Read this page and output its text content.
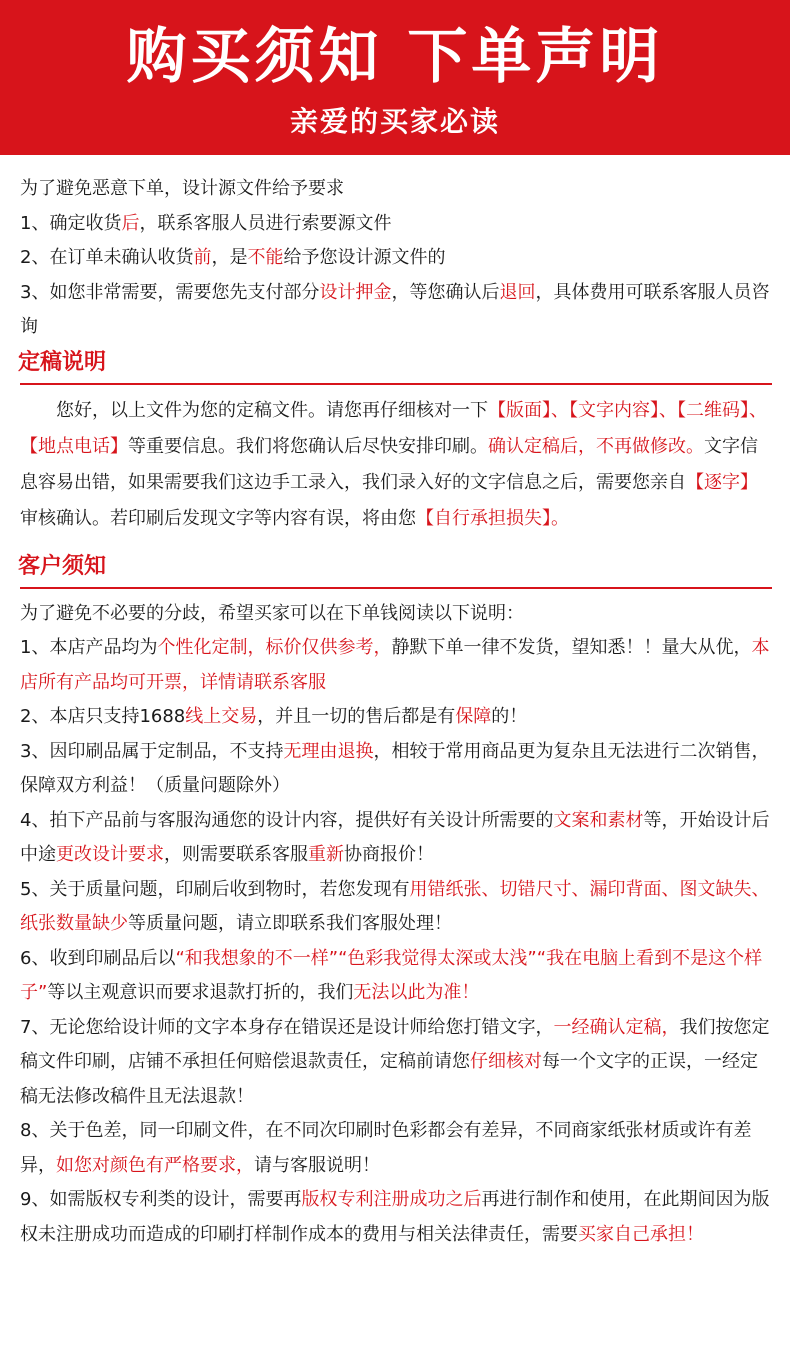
购买须知 下单声明
亲爱的买家必读

为了避免恶意下单，设计源文件给予要求

1、确定收货后，联系客服人员进行索要源文件

2、在订单未确认收货前，是不能给予您设计源文件的

3、如您非常需要，需要您先支付部分设计押金，等您确认后退回，具体费用可联系客服人员咨询

定稿说明

您好，以上文件为您的定稿文件。请您再仔细核对一下【版面】、【文字内容】、【二维码】、【地点电话】等重要信息。我们将您确认后尽快安排印刷。确认定稿后，不再做修改。文字信息容易出错，如果需要我们这边手工录入，我们录入好的文字信息之后，需要您亲自【逐字】审核确认。若印刷后发现文字等内容有误，将由您【自行承担损失】。

客户须知

为了避免不必要的分歧，希望买家可以在下单钱阅读以下说明：

1、本店产品均为个性化定制，标价仅供参考，静默下单一律不发货，望知悉！！量大从优，本店所有产品均可开票，详情请联系客服

2、本店只支持1688线上交易，并且一切的售后都是有保障的！

3、因印刷品属于定制品，不支持无理由退换，相较于常用商品更为复杂且无法进行二次销售，保障双方利益！（质量问题除外）

4、拍下产品前与客服沟通您的设计内容，提供好有关设计所需要的文案和素材等，开始设计后中途更改设计要求，则需要联系客服重新协商报价！

5、关于质量问题，印刷后收到物时，若您发现有用错纸张、切错尺寸、漏印背面、图文缺失、纸张数量缺少等质量问题，请立即联系我们客服处理！

6、收到印刷品后以“和我想象的不一样”“色彩我觉得太深或太浅”“我在电脑上看到不是这个样子”等以主观意识而要求退款打折的，我们无法以此为准！

7、无论您给设计师的文字本身存在错误还是设计师给您打错文字，一经确认定稿，我们按您定稿文件印刷，店铺不承担任何赔偿退款责任，定稿前请您仔细核对每一个文字的正误，一经定稿无法修改稿件且无法退款！

8、关于色差，同一印刷文件，在不同次印刷时色彩都会有差异，不同商家纸张材质或许有差异，如您对颜色有严格要求，请与客服说明！

9、如需版权专利类的设计，需要再版权专利注册成功之后再进行制作和使用，在此期间因为版权未注册成功而造成的印刷打样制作成本的费用与相关法律责任，需要买家自己承担！
